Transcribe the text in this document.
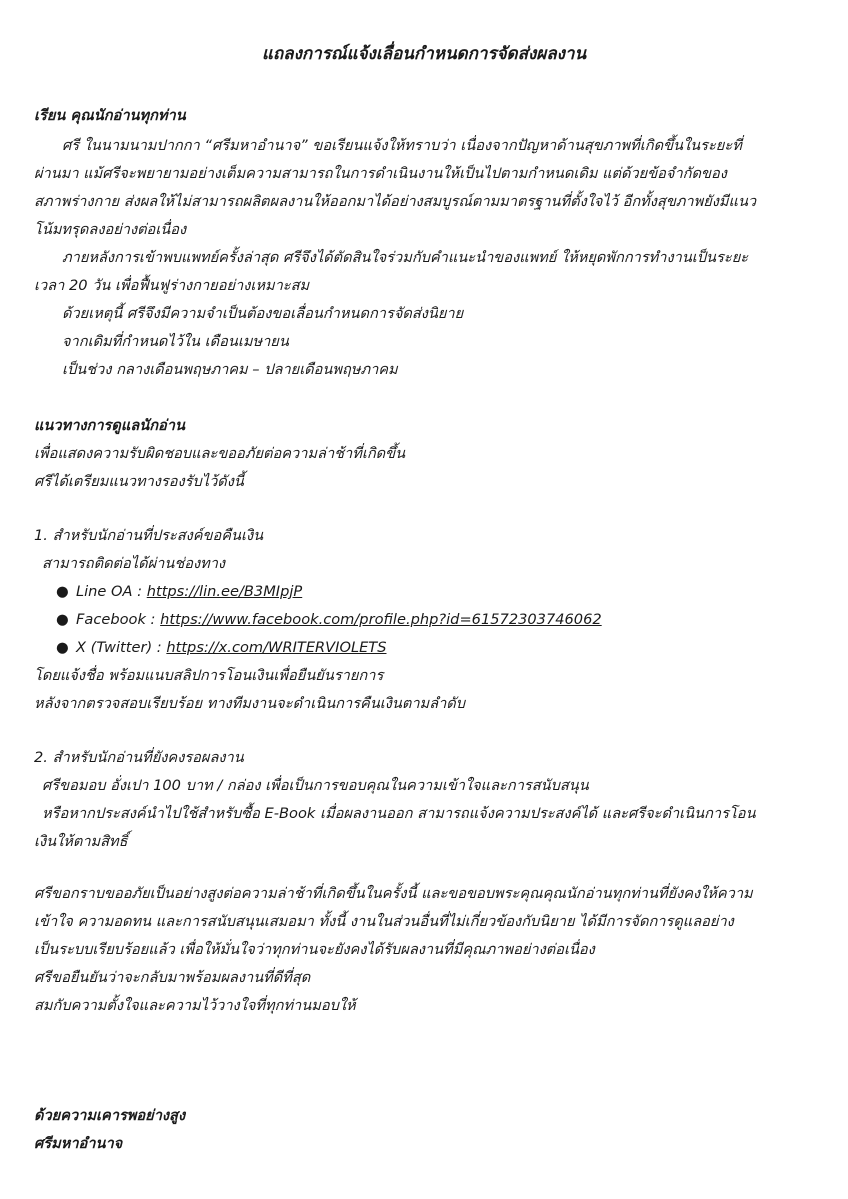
แถลงการณ์แจ้งเลื่อนกำหนดการจัดส่งผลงาน

เรียน คุณนักอ่านทุกท่าน

ศรี ในนามนามปากกา “ศรีมหาอำนาจ” ขอเรียนแจ้งให้ทราบว่า เนื่องจากปัญหาด้านสุขภาพที่เกิดขึ้นในระยะที่

ผ่านมา แม้ศรีจะพยายามอย่างเต็มความสามารถในการดำเนินงานให้เป็นไปตามกำหนดเดิม แต่ด้วยข้อจำกัดของ

สภาพร่างกาย ส่งผลให้ไม่สามารถผลิตผลงานให้ออกมาได้อย่างสมบูรณ์ตามมาตรฐานที่ตั้งใจไว้ อีกทั้งสุขภาพยังมีแนว

โน้มทรุดลงอย่างต่อเนื่อง

ภายหลังการเข้าพบแพทย์ครั้งล่าสุด ศรีจึงได้ตัดสินใจร่วมกับคำแนะนำของแพทย์ ให้หยุดพักการทำงานเป็นระยะ

เวลา 20 วัน เพื่อฟื้นฟูร่างกายอย่างเหมาะสม

ด้วยเหตุนี้ ศรีจึงมีความจำเป็นต้องขอเลื่อนกำหนดการจัดส่งนิยาย

จากเดิมที่กำหนดไว้ใน เดือนเมษายน

เป็นช่วง กลางเดือนพฤษภาคม – ปลายเดือนพฤษภาคม

แนวทางการดูแลนักอ่าน

เพื่อแสดงความรับผิดชอบและขออภัยต่อความล่าช้าที่เกิดขึ้น

ศรีได้เตรียมแนวทางรองรับไว้ดังนี้

1. สำหรับนักอ่านที่ประสงค์ขอคืนเงิน

สามารถติดต่อได้ผ่านช่องทาง

● Line OA : https://lin.ee/B3MIpjP

● Facebook : https://www.facebook.com/profile.php?id=61572303746062

● X (Twitter) : https://x.com/WRITERVIOLETS

โดยแจ้งชื่อ พร้อมแนบสลิปการโอนเงินเพื่อยืนยันรายการ

หลังจากตรวจสอบเรียบร้อย ทางทีมงานจะดำเนินการคืนเงินตามลำดับ

2. สำหรับนักอ่านที่ยังคงรอผลงาน

ศรีขอมอบ อั่งเปา 100 บาท / กล่อง เพื่อเป็นการขอบคุณในความเข้าใจและการสนับสนุน

หรือหากประสงค์นำไปใช้สำหรับซื้อ E-Book เมื่อผลงานออก สามารถแจ้งความประสงค์ได้ และศรีจะดำเนินการโอน

เงินให้ตามสิทธิ์

ศรีขอกราบขออภัยเป็นอย่างสูงต่อความล่าช้าที่เกิดขึ้นในครั้งนี้ และขอขอบพระคุณคุณนักอ่านทุกท่านที่ยังคงให้ความ

เข้าใจ ความอดทน และการสนับสนุนเสมอมา ทั้งนี้ งานในส่วนอื่นที่ไม่เกี่ยวข้องกับนิยาย ได้มีการจัดการดูแลอย่าง

เป็นระบบเรียบร้อยแล้ว เพื่อให้มั่นใจว่าทุกท่านจะยังคงได้รับผลงานที่มีคุณภาพอย่างต่อเนื่อง

ศรีขอยืนยันว่าจะกลับมาพร้อมผลงานที่ดีที่สุด

สมกับความตั้งใจและความไว้วางใจที่ทุกท่านมอบให้

ด้วยความเคารพอย่างสูง

ศรีมหาอำนาจ
